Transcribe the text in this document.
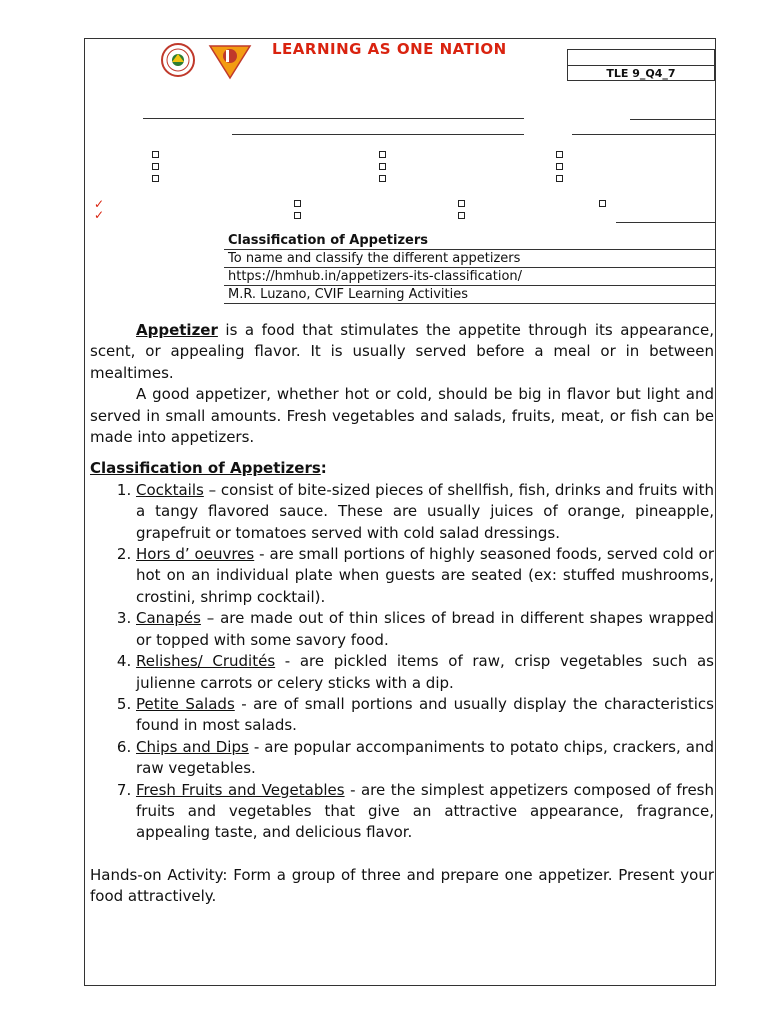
LEARNING AS ONE NATION
TLE 9_Q4_7
✓
✓
Classification of Appetizers
To name and classify the different appetizers
https://hmhub.in/appetizers-its-classification/
M.R. Luzano, CVIF Learning Activities

Appetizer is a food that stimulates the appetite through its appearance, scent, or appealing flavor. It is usually served before a meal or in between mealtimes.

A good appetizer, whether hot or cold, should be big in flavor but light and served in small amounts. Fresh vegetables and salads, fruits, meat, or fish can be made into appetizers.

Classification of Appetizers:

1. Cocktails – consist of bite-sized pieces of shellfish, fish, drinks and fruits with a tangy flavored sauce. These are usually juices of orange, pineapple, grapefruit or tomatoes served with cold salad dressings.
2. Hors d’ oeuvres - are small portions of highly seasoned foods, served cold or hot on an individual plate when guests are seated (ex: stuffed mushrooms, crostini, shrimp cocktail).
3. Canapés – are made out of thin slices of bread in different shapes wrapped or topped with some savory food.
4. Relishes/ Crudités - are pickled items of raw, crisp vegetables such as julienne carrots or celery sticks with a dip.
5. Petite Salads - are of small portions and usually display the characteristics found in most salads.
6. Chips and Dips - are popular accompaniments to potato chips, crackers, and raw vegetables.
7. Fresh Fruits and Vegetables - are the simplest appetizers composed of fresh fruits and vegetables that give an attractive appearance, fragrance, appealing taste, and delicious flavor.

Hands-on Activity: Form a group of three and prepare one appetizer. Present your food attractively.
